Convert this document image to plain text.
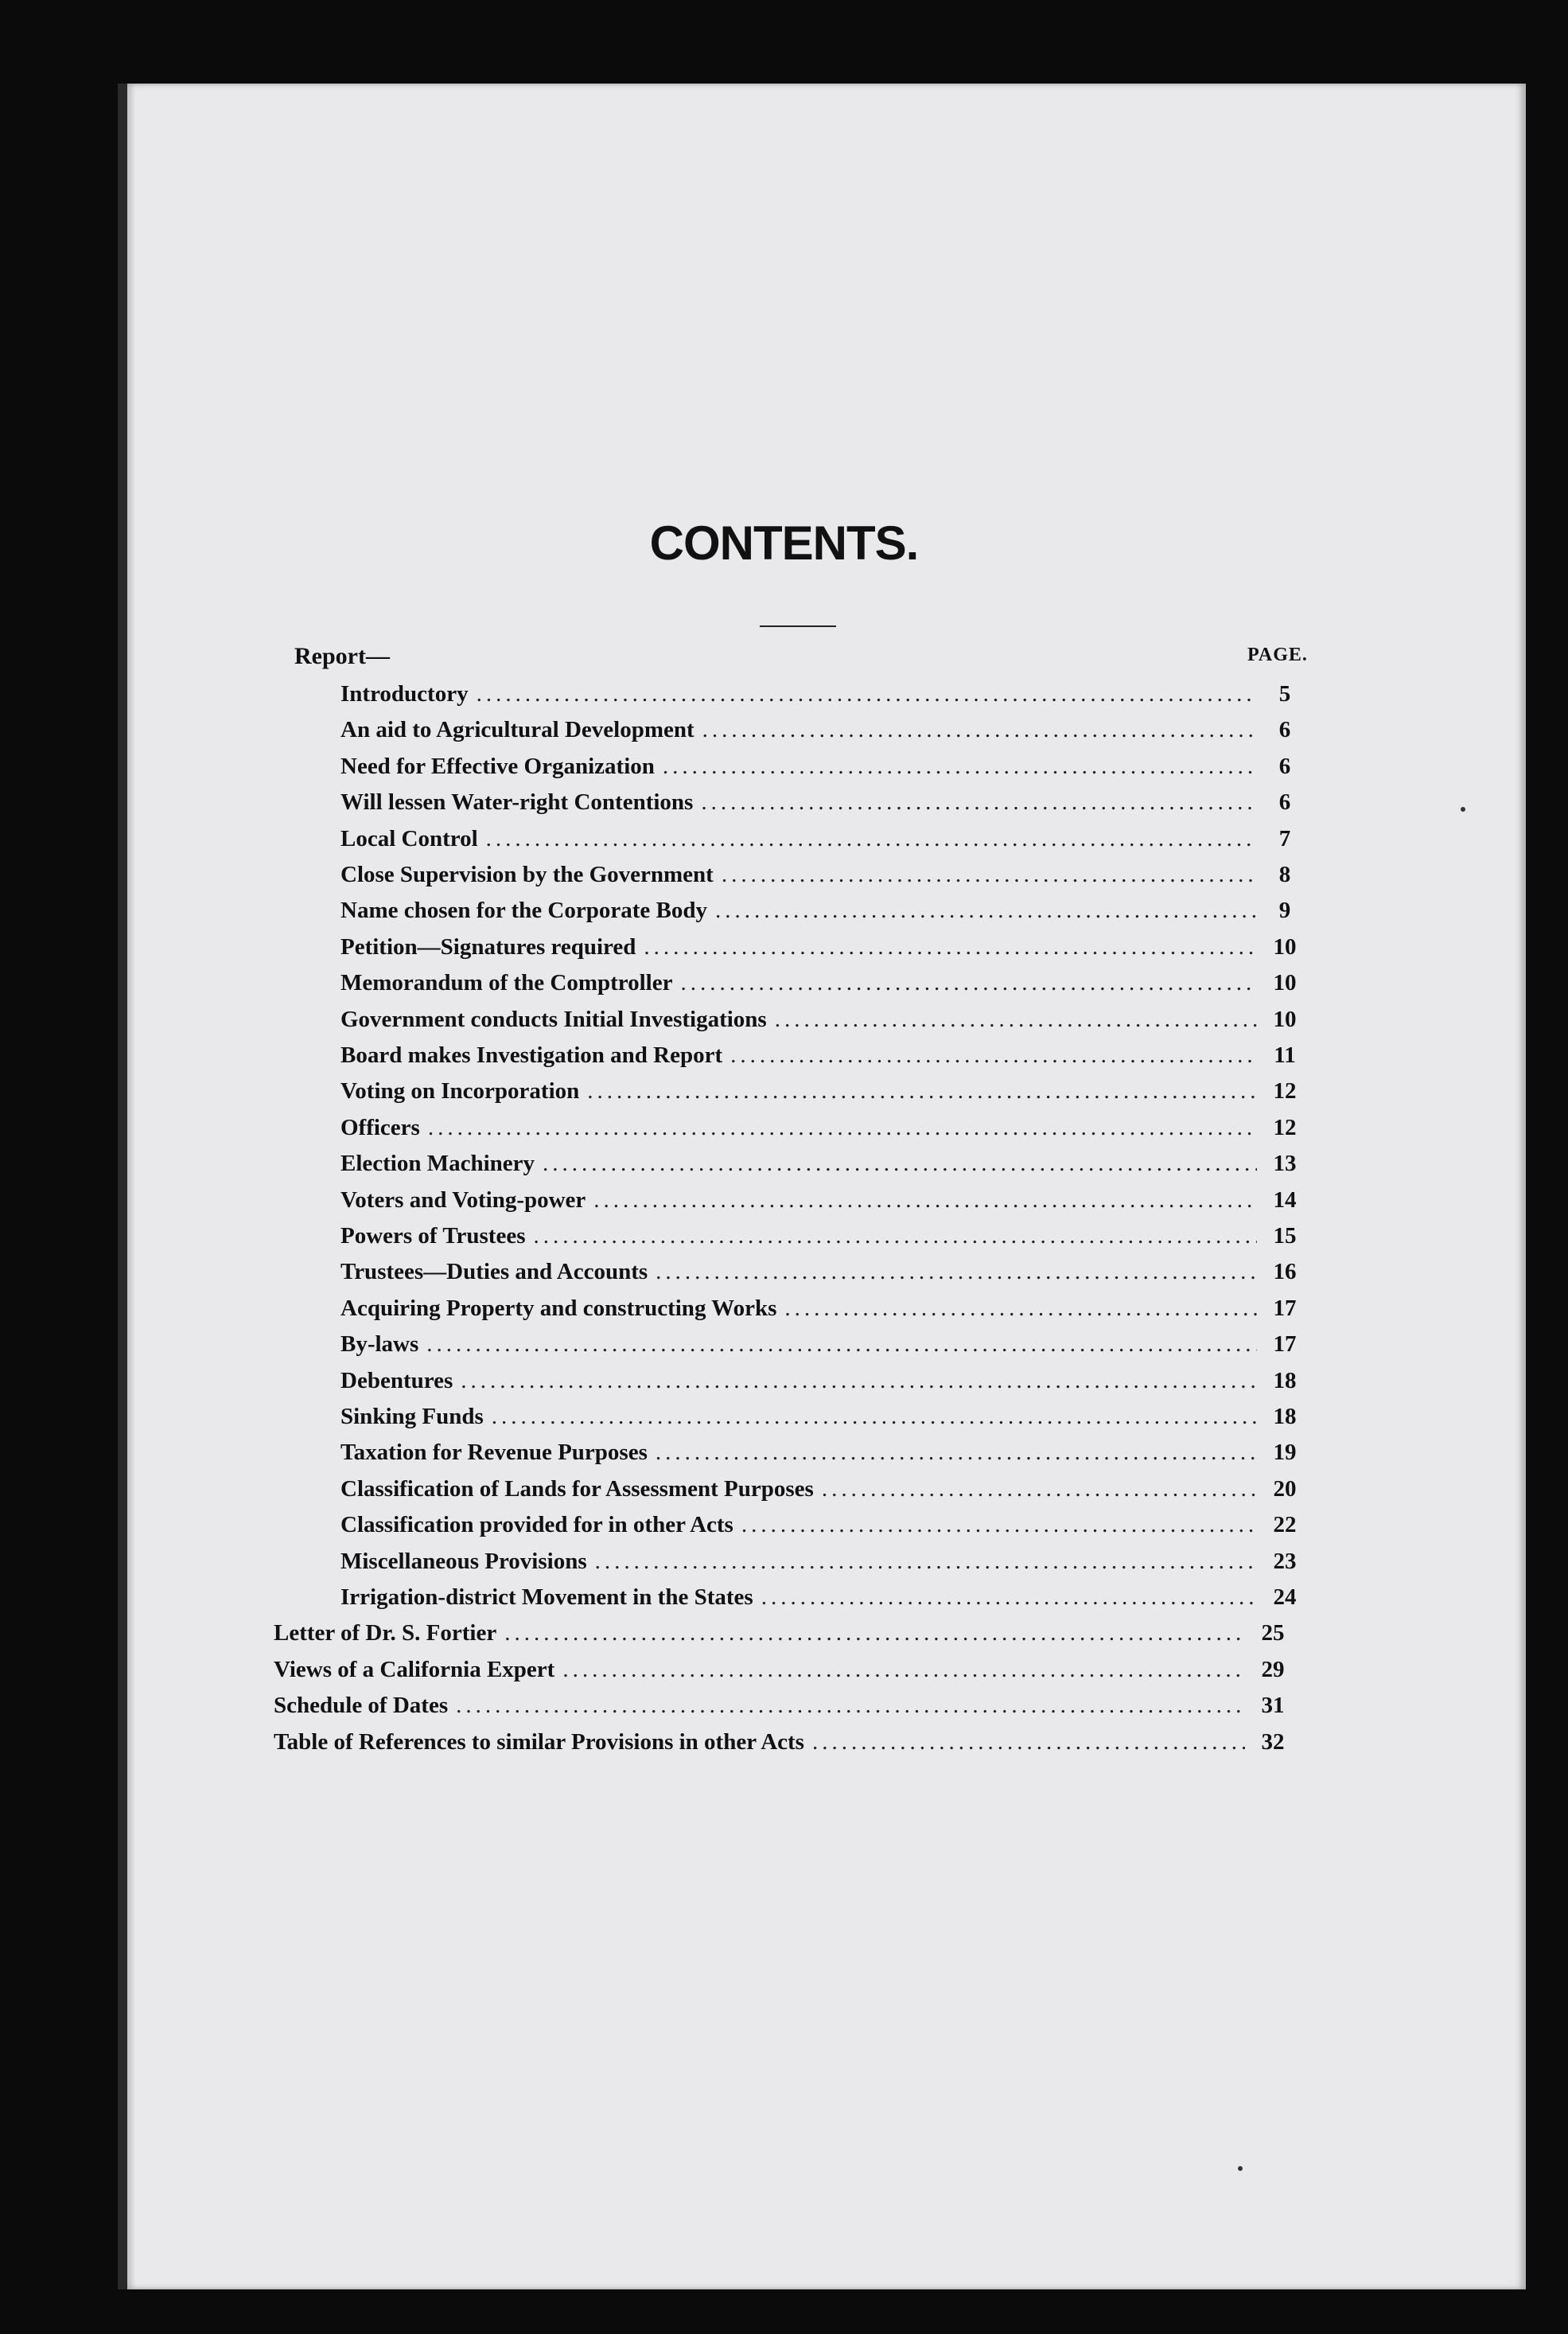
CONTENTS.
Report—	PAGE.
Introductory .....	5
An aid to Agricultural Development .....	6
Need for Effective Organization .....	6
Will lessen Water-right Contentions .....	6
Local Control .....	7
Close Supervision by the Government .....	8
Name chosen for the Corporate Body .....	9
Petition—Signatures required .....	10
Memorandum of the Comptroller .....	10
Government conducts Initial Investigations .....	10
Board makes Investigation and Report .....	11
Voting on Incorporation .....	12
Officers .....	12
Election Machinery .....	13
Voters and Voting-power .....	14
Powers of Trustees .....	15
Trustees—Duties and Accounts .....	16
Acquiring Property and constructing Works .....	17
By-laws .....	17
Debentures .....	18
Sinking Funds .....	18
Taxation for Revenue Purposes .....	19
Classification of Lands for Assessment Purposes .....	20
Classification provided for in other Acts .....	22
Miscellaneous Provisions .....	23
Irrigation-district Movement in the States .....	24
Letter of Dr. S. Fortier .....	25
Views of a California Expert .....	29
Schedule of Dates .....	31
Table of References to similar Provisions in other Acts .....	32
